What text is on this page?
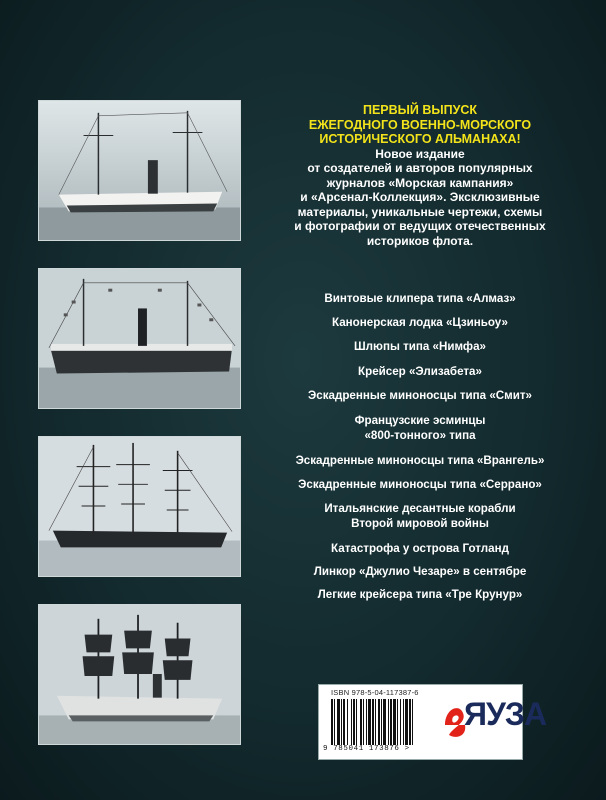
ПЕРВЫЙ ВЫПУСК
ЕЖЕГОДНОГО ВОЕННО-МОРСКОГО
ИСТОРИЧЕСКОГО АЛЬМАНАХА!
Новое издание
от создателей и авторов популярных
журналов «Морская кампания»
и «Арсенал-Коллекция». Эксклюзивные
материалы, уникальные чертежи, схемы
и фотографии от ведущих отечественных
историков флота.
Винтовые клипера типа «Алмаз»
Канонерская лодка «Цзиньоу»
Шлюпы типа «Нимфа»
Крейсер «Элизабета»
Эскадренные миноносцы типа «Смит»
Французские эсминцы
«800-тонного» типа
Эскадренные миноносцы типа «Врангель»
Эскадренные миноносцы типа «Серрано»
Итальянские десантные корабли
Второй мировой войны
Катастрофа у острова Готланд
Линкор «Джулио Чезаре» в сентябре
Легкие крейсера типа «Тре Крунур»
ISBN 978-5-04-117387-6
9 785041 173876 >
ЯУЗА
